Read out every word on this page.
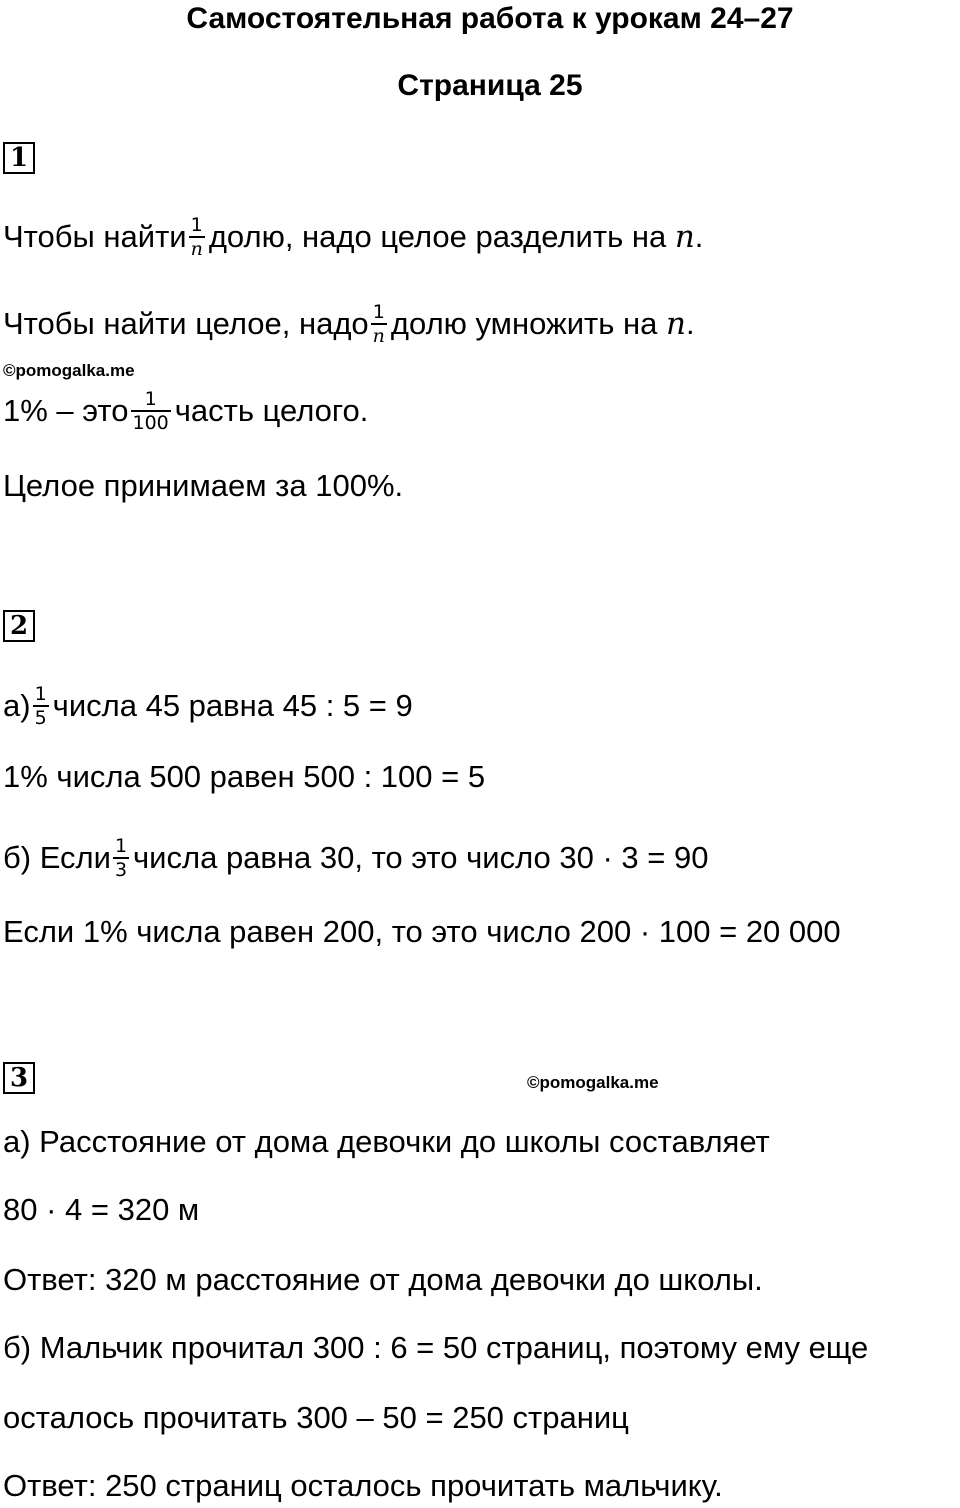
Самостоятельная работа к урокам 24–27
Страница 25
1
Чтобы найти $\frac{1}{n}$ долю, надо целое разделить на n.
Чтобы найти целое, надо $\frac{1}{n}$ долю умножить на n.
©pomogalka.me
1% – это $\frac{1}{100}$ часть целого.
Целое принимаем за 100%.
2
$а) \frac{1}{5}$ числа 45 равна 45 : 5 = 9
1% числа 500 равен 500 : 100 = 5
б) Если $\frac{1}{3}$ числа равна 30, то это число 30 · 3 = 90
Если 1% числа равен 200, то это число 200 · 100 = 20 000
3	©pomogalka.me
а) Расстояние от дома девочки до школы составляет
80 · 4 = 320 м
Ответ: 320 м расстояние от дома девочки до школы.
б) Мальчик прочитал 300 : 6 = 50 страниц, поэтому ему еще
осталось прочитать 300 – 50 = 250 страниц
Ответ: 250 страниц осталось прочитать мальчику.
